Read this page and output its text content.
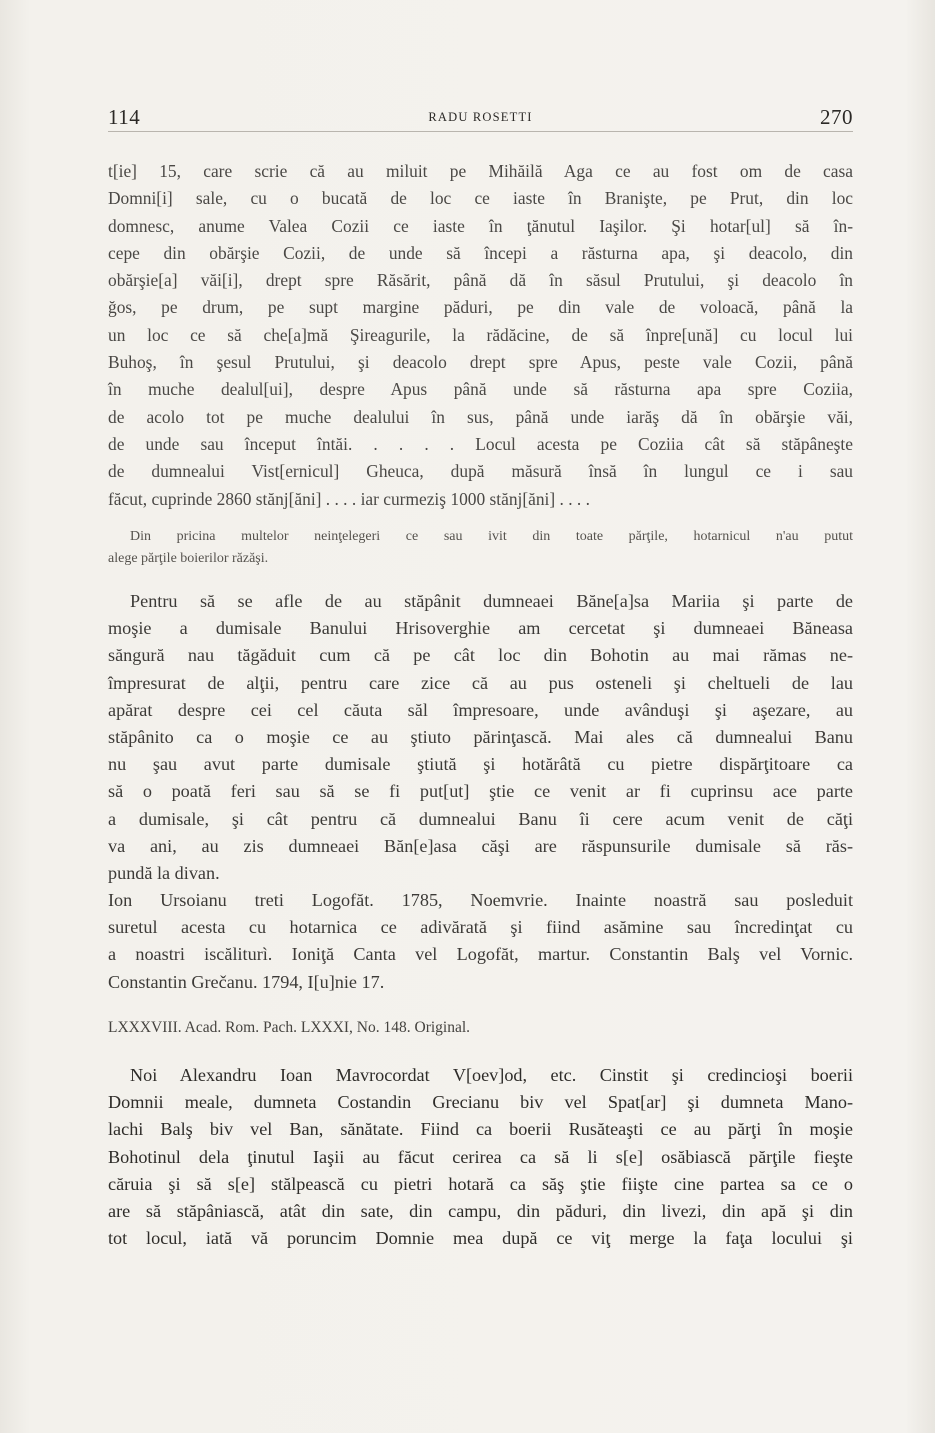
114	RADU ROSETTI	270
t[ie] 15, care scrie că au miluit pe Mihăilă Aga ce au fost om de casa
Domni[i] sale, cu o bucată de loc ce iaste în Branişte, pe Prut, din loc
domnesc, anume Valea Cozii ce iaste în ţănutul Iaşilor. Şi hotar[ul] să în-
cepe din obărşie Cozii, de unde să începi a răsturna apa, şi deacolo, din
obărşie[a] văi[i], drept spre Răsărit, până dă în săsul Prutului, şi deacolo în
ğos, pe drum, pe supt margine păduri, pe din vale de voloacă, până la
un loc ce să che[a]mă Şireagurile, la rădăcine, de să înpre[ună] cu locul lui
Buhoş, în şesul Prutului, şi deacolo drept spre Apus, peste vale Cozii, până
în muche dealul[ui], despre Apus până unde să răsturna apa spre Coziia,
de acolo tot pe muche dealului în sus, până unde iarăş dă în obărşie văi,
de unde sau început întăi. . . . . Locul acesta pe Coziia cât să stăpâneşte
de dumnealui Vist[ernicul] Gheuca, după măsură însă în lungul ce i sau
făcut, cuprinde 2860 stănj[ăni] . . . . iar curmeziş 1000 stănj[ăni] . . . .
Din pricina multelor neinţelegeri ce sau ivit din toate părţile, hotarnicul n'au putut
alege părţile boierilor răzăşi.
Pentru să se afle de au stăpânit dumneaei Băne[a]sa Mariia şi parte de
moşie a dumisale Banului Hrisoverghie am cercetat şi dumneaei Băneasa
săngură nau tăgăduit cum că pe cât loc din Bohotin au mai rămas ne-
împresurat de alţii, pentru care zice că au pus osteneli şi cheltueli de lau
apărat despre cei cel căuta săl împresoare, unde avânduşi şi aşezare, au
stăpânito ca o moşie ce au ştiuto părinţască. Mai ales că dumnealui Banu
nu şau avut parte dumisale ştiută şi hotărâtă cu pietre dispărţitoare ca
să o poată feri sau să se fi put[ut] ştie ce venit ar fi cuprinsu ace parte
a dumisale, şi cât pentru că dumnealui Banu îi cere acum venit de căţi
va ani, au zis dumneaei Băn[e]asa căşi are răspunsurile dumisale să răs-
pundă la divan.
Ion Ursoianu treti Logofăt. 1785, Noemvrie. Inainte noastră sau posleduit
suretul acesta cu hotarnica ce adivărată şi fiind asămine sau încredinţat cu
a noastri iscăliturì. Ioniţă Canta vel Logofăt, martur. Constantin Balş vel Vornic.
Constantin Grečanu. 1794, I[u]nie 17.
LXXXVIII. Acad. Rom. Pach. LXXXI, No. 148. Original.
Noi Alexandru Ioan Mavrocordat V[oev]od, etc. Cinstit şi credincioşi boerii
Domnii meale, dumneta Costandin Grecianu biv vel Spat[ar] şi dumneta Mano-
lachi Balş biv vel Ban, sănătate. Fiind ca boerii Rusăteaşti ce au părţi în moşie
Bohotinul dela ţinutul Iaşii au făcut cerirea ca să li s[e] osăbiască părţile fieşte
căruia şi să s[e] stălpească cu pietri hotară ca săş ştie fiişte cine partea sa ce o
are să stăpâniască, atât din sate, din campu, din păduri, din livezi, din apă şi din
tot locul, iată vă poruncim Domnie mea după ce viţ merge la faţa locului şi
